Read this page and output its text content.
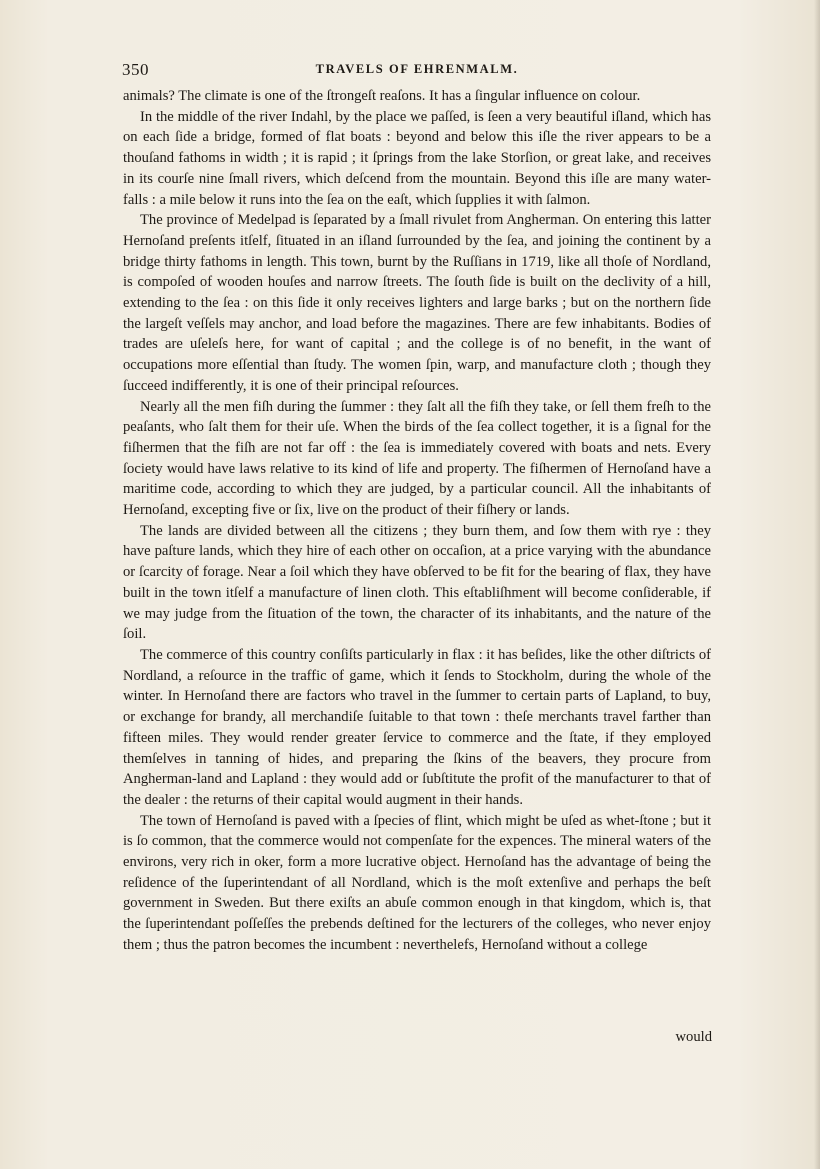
350	TRAVELS OF EHRENMALM.

animals? The climate is one of the ſtrongeſt reaſons. It has a ſingular influence on colour.

In the middle of the river Indahl, by the place we paſſed, is ſeen a very beautiful iſland, which has on each ſide a bridge, formed of flat boats : beyond and below this iſle the river appears to be a thouſand fathoms in width ; it is rapid ; it ſprings from the lake Storſion, or great lake, and receives in its courſe nine ſmall rivers, which deſcend from the mountain. Beyond this iſle are many water-falls : a mile below it runs into the ſea on the eaſt, which ſupplies it with ſalmon.

The province of Medelpad is ſeparated by a ſmall rivulet from Angherman. On entering this latter Hernoſand preſents itſelf, ſituated in an iſland ſurrounded by the ſea, and joining the continent by a bridge thirty fathoms in length. This town, burnt by the Ruſſians in 1719, like all thoſe of Nordland, is compoſed of wooden houſes and narrow ſtreets. The ſouth ſide is built on the declivity of a hill, extending to the ſea : on this ſide it only receives lighters and large barks ; but on the northern ſide the largeſt veſſels may anchor, and load before the magazines. There are few inhabitants. Bodies of trades are uſeleſs here, for want of capital ; and the college is of no benefit, in the want of occupations more eſſential than ſtudy. The women ſpin, warp, and manufacture cloth ; though they ſucceed indifferently, it is one of their principal reſources.

Nearly all the men fiſh during the ſummer : they ſalt all the fiſh they take, or ſell them freſh to the peaſants, who ſalt them for their uſe. When the birds of the ſea collect together, it is a ſignal for the fiſhermen that the fiſh are not far off : the ſea is immediately covered with boats and nets. Every ſociety would have laws relative to its kind of life and property. The fiſhermen of Hernoſand have a maritime code, according to which they are judged, by a particular council. All the inhabitants of Hernoſand, excepting five or ſix, live on the product of their fiſhery or lands.

The lands are divided between all the citizens ; they burn them, and ſow them with rye : they have paſture lands, which they hire of each other on occaſion, at a price varying with the abundance or ſcarcity of forage. Near a ſoil which they have obſerved to be fit for the bearing of flax, they have built in the town itſelf a manufacture of linen cloth. This eſtabliſhment will become conſiderable, if we may judge from the ſituation of the town, the character of its inhabitants, and the nature of the ſoil.

The commerce of this country conſiſts particularly in flax : it has beſides, like the other diſtricts of Nordland, a reſource in the traffic of game, which it ſends to Stockholm, during the whole of the winter. In Hernoſand there are factors who travel in the ſummer to certain parts of Lapland, to buy, or exchange for brandy, all merchandiſe ſuitable to that town : theſe merchants travel farther than fifteen miles. They would render greater ſervice to commerce and the ſtate, if they employed themſelves in tanning of hides, and preparing the ſkins of the beavers, they procure from Angherman-land and Lapland : they would add or ſubſtitute the profit of the manufacturer to that of the dealer : the returns of their capital would augment in their hands.

The town of Hernoſand is paved with a ſpecies of flint, which might be uſed as whet-ſtone ; but it is ſo common, that the commerce would not compenſate for the expences. The mineral waters of the environs, very rich in oker, form a more lucrative object. Hernoſand has the advantage of being the reſidence of the ſuperintendant of all Nordland, which is the moſt extenſive and perhaps the beſt government in Sweden. But there exiſts an abuſe common enough in that kingdom, which is, that the ſuperintendant poſſeſſes the prebends deſtined for the lecturers of the colleges, who never enjoy them ; thus the patron becomes the incumbent : neverthelefs, Hernoſand without a college

would
